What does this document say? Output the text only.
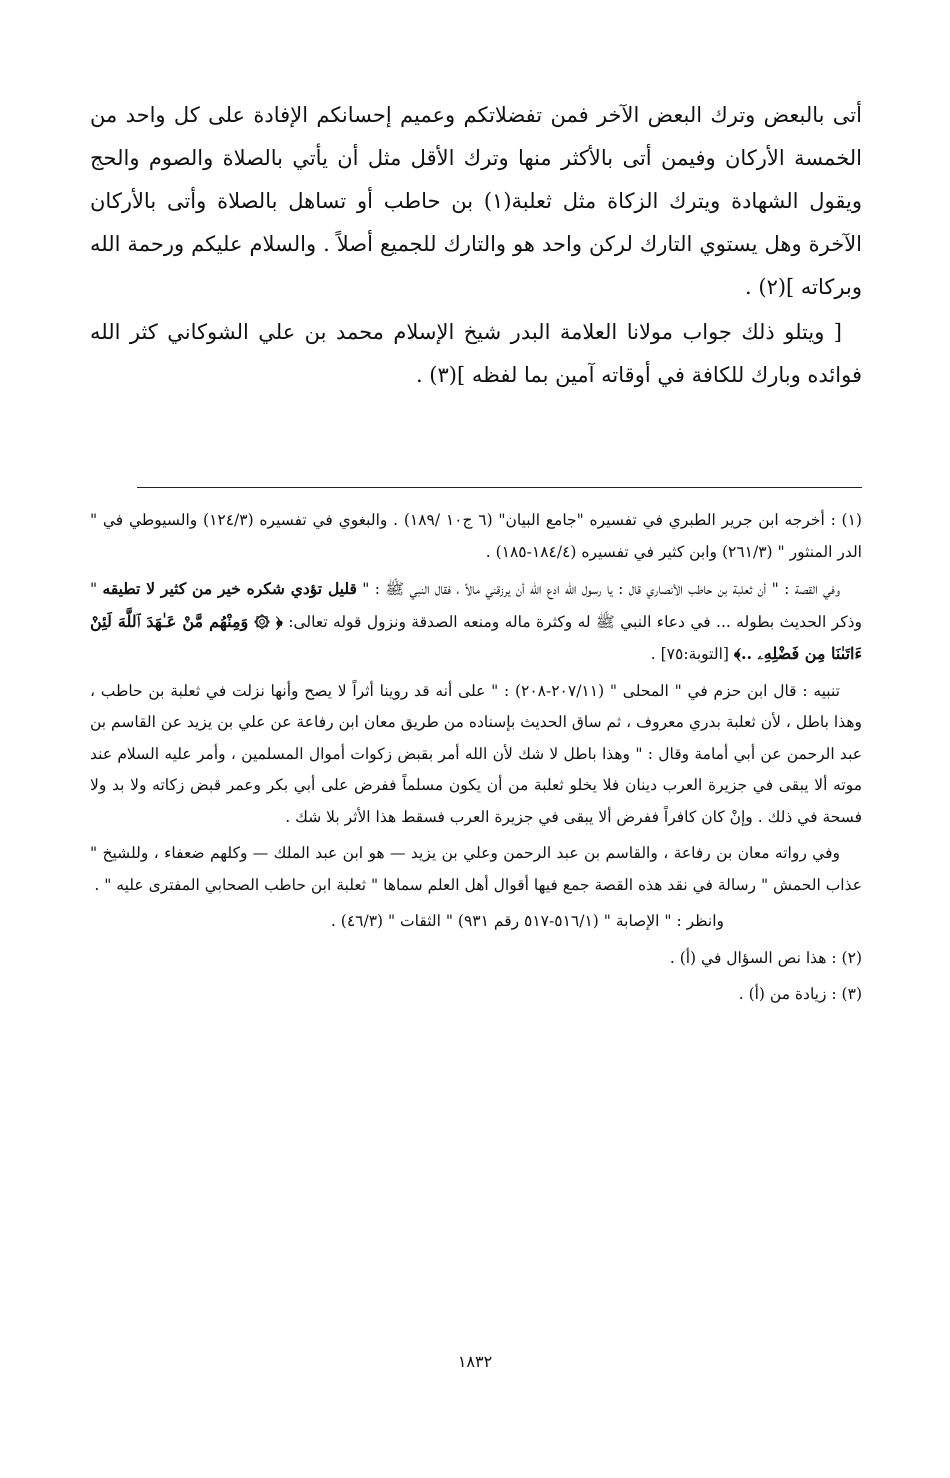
أتى بالبعض وترك البعض الآخر فمن تفضلاتكم وعميم إحسانكم الإفادة على كل واحد من الخمسة الأركان وفيمن أتى بالأكثر منها وترك الأقل مثل أن يأتي بالصلاة والصوم والحج ويقول الشهادة ويترك الزكاة مثل ثعلبة(١) بن حاطب أو تساهل بالصلاة وأتى بالأركان الآخرة وهل يستوي التارك لركن واحد هو والتارك للجميع أصلاً . والسلام عليكم ورحمة الله وبركاته ](٢) .

[ ويتلو ذلك جواب مولانا العلامة البدر شيخ الإسلام محمد بن علي الشوكاني كثر الله فوائده وبارك للكافة في أوقاته آمين بما لفظه ](٣) .

(١) : أخرجه ابن جرير الطبري في تفسيره "جامع البيان" (٦ ج١٠ /١٨٩) . والبغوي في تفسيره (١٢٤/٣) والسيوطي في " الدر المنثور " (٢٦١/٣) وابن كثير في تفسيره (١٨٤/٤-١٨٥) .

وفي القصة : " أن ثعلبة بن حاطب الأنصاري قال : يا رسول الله ادع الله أن يرزقني مالاً ، فقال النبي ﷺ : " قليل تؤدي شكره خير من كثير لا تطيقه " وذكر الحديث بطوله ... في دعاء النبي ﷺ له وكثرة ماله ومنعه الصدقة ونزول قوله تعالى: ﴿ ۞ وَمِنْهُم مَّنْ عَـٰهَدَ ٱللَّهَ لَئِنْ ءَاتَىٰنَا مِن فَضْلِهِۦ ..﴾ [التوبة:٧٥] .

تنبيه : قال ابن حزم في " المحلى " (٢٠٧/١١-٢٠٨) : " على أنه قد روينا أثراً لا يصح وأنها نزلت في ثعلبة بن حاطب ، وهذا باطل ، لأن ثعلبة بدري معروف ، ثم ساق الحديث بإسناده من طريق معان ابن رفاعة عن علي بن يزيد عن القاسم بن عبد الرحمن عن أبي أمامة وقال : " وهذا باطل لا شك لأن الله أمر بقبض زكوات أموال المسلمين ، وأمر عليه السلام عند موته ألا يبقى في جزيرة العرب دينان فلا يخلو ثعلبة من أن يكون مسلماً ففرض على أبي بكر وعمر قبض زكاته ولا بد ولا فسحة في ذلك . وإنْ كان كافراً ففرض ألا يبقى في جزيرة العرب فسقط هذا الأثر بلا شك .

وفي رواته معان بن رفاعة ، والقاسم بن عبد الرحمن وعلي بن يزيد — هو ابن عبد الملك — وكلهم ضعفاء ، وللشيخ " عذاب الحمش " رسالة في نقد هذه القصة جمع فيها أقوال أهل العلم سماها " ثعلبة ابن حاطب الصحابي المفترى عليه " .

وانظر : " الإصابة " (٥١٦/١-٥١٧ رقم ٩٣١) " الثقات " (٤٦/٣) .

(٢) : هذا نص السؤال في (أ) .

(٣) : زيادة من (أ) .

١٨٣٢
